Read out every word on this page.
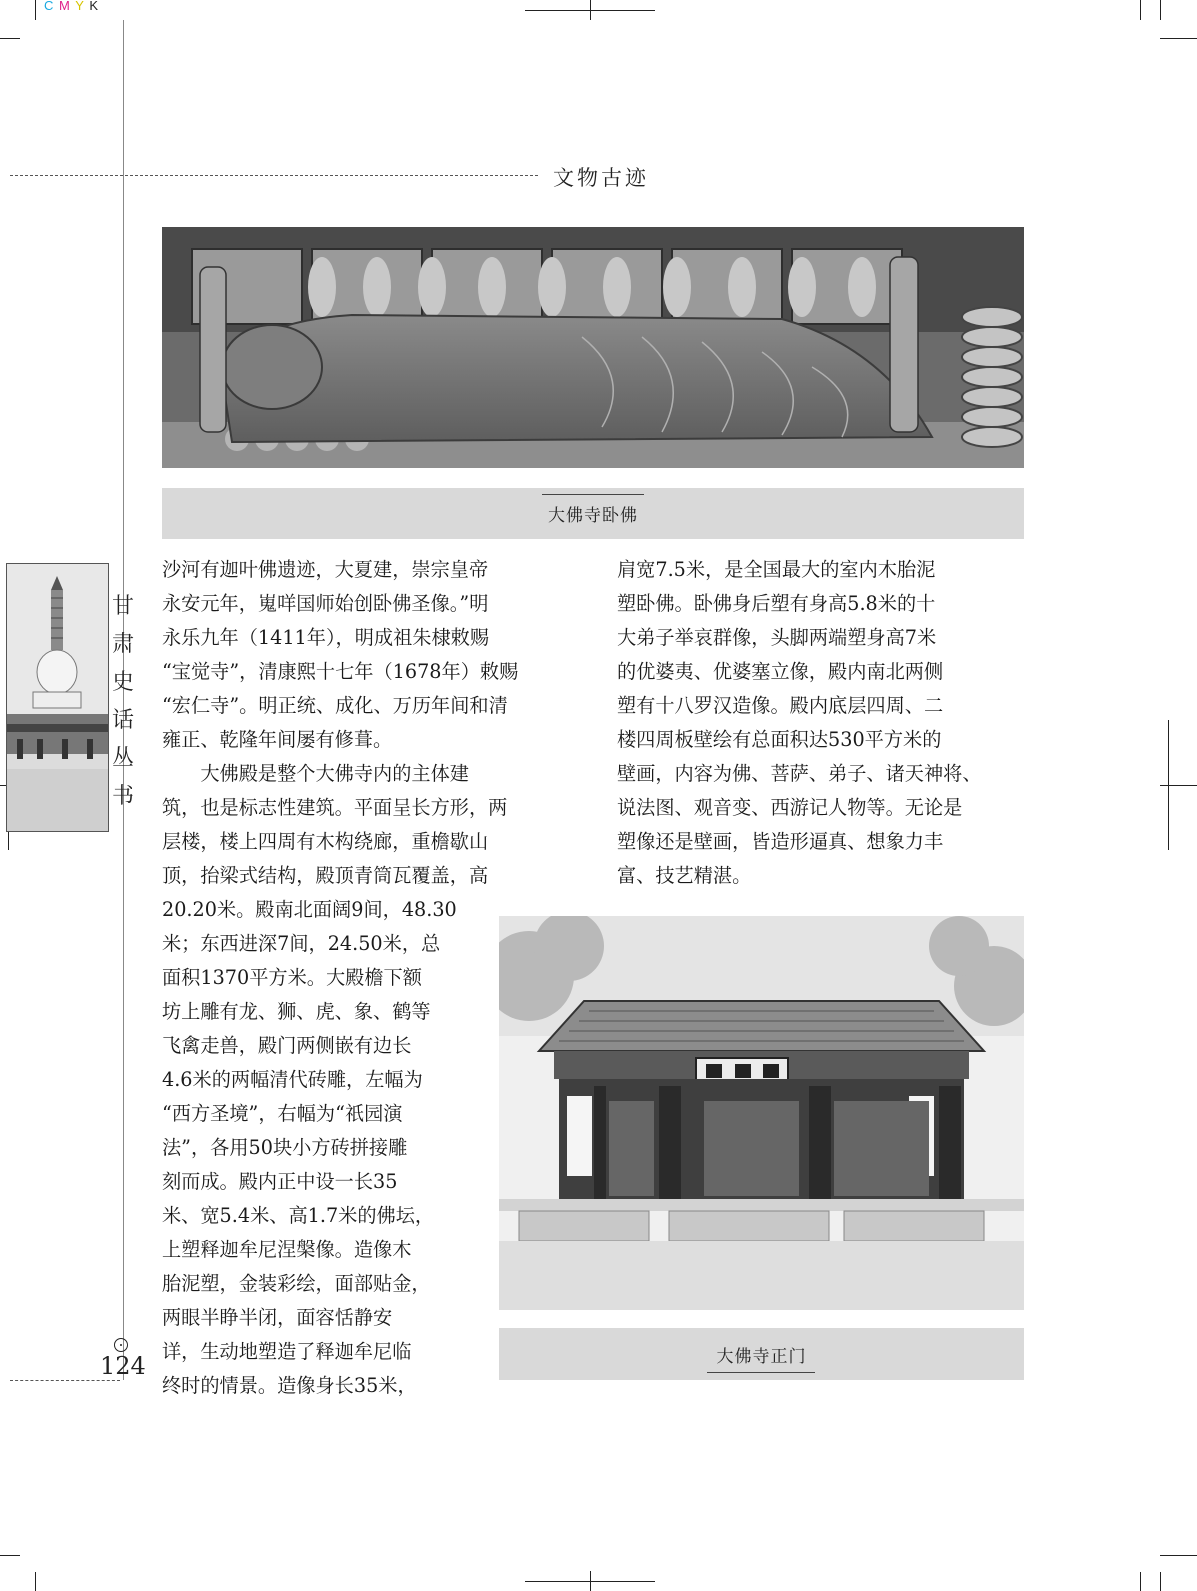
C M Y K
文物古迹
大佛寺卧佛
甘
肃
史
话
丛
书
沙河有迦叶佛遗迹，大夏建，崇宗皇帝
永安元年，嵬咩国师始创卧佛圣像。”明
永乐九年（1411年），明成祖朱棣敕赐
“宝觉寺”，清康熙十七年（1678年）敕赐
“宏仁寺”。明正统、成化、万历年间和清
雍正、乾隆年间屡有修葺。
　　大佛殿是整个大佛寺内的主体建
筑，也是标志性建筑。平面呈长方形，两
层楼，楼上四周有木构绕廊，重檐歇山
顶，抬梁式结构，殿顶青筒瓦覆盖，高
20.20米。殿南北面阔9间，48.30
米；东西进深7间，24.50米，总
面积1370平方米。大殿檐下额
坊上雕有龙、狮、虎、象、鹤等
飞禽走兽，殿门两侧嵌有边长
4.6米的两幅清代砖雕，左幅为
“西方圣境”，右幅为“祇园演
法”，各用50块小方砖拼接雕
刻而成。殿内正中设一长35
米、宽5.4米、高1.7米的佛坛，
上塑释迦牟尼涅槃像。造像木
胎泥塑，金装彩绘，面部贴金，
两眼半睁半闭，面容恬静安
详，生动地塑造了释迦牟尼临
终时的情景。造像身长35米，
肩宽7.5米，是全国最大的室内木胎泥
塑卧佛。卧佛身后塑有身高5.8米的十
大弟子举哀群像，头脚两端塑身高7米
的优婆夷、优婆塞立像，殿内南北两侧
塑有十八罗汉造像。殿内底层四周、二
楼四周板壁绘有总面积达530平方米的
壁画，内容为佛、菩萨、弟子、诸天神将、
说法图、观音变、西游记人物等。无论是
塑像还是壁画，皆造形逼真、想象力丰
富、技艺精湛。
大佛寺正门
124
